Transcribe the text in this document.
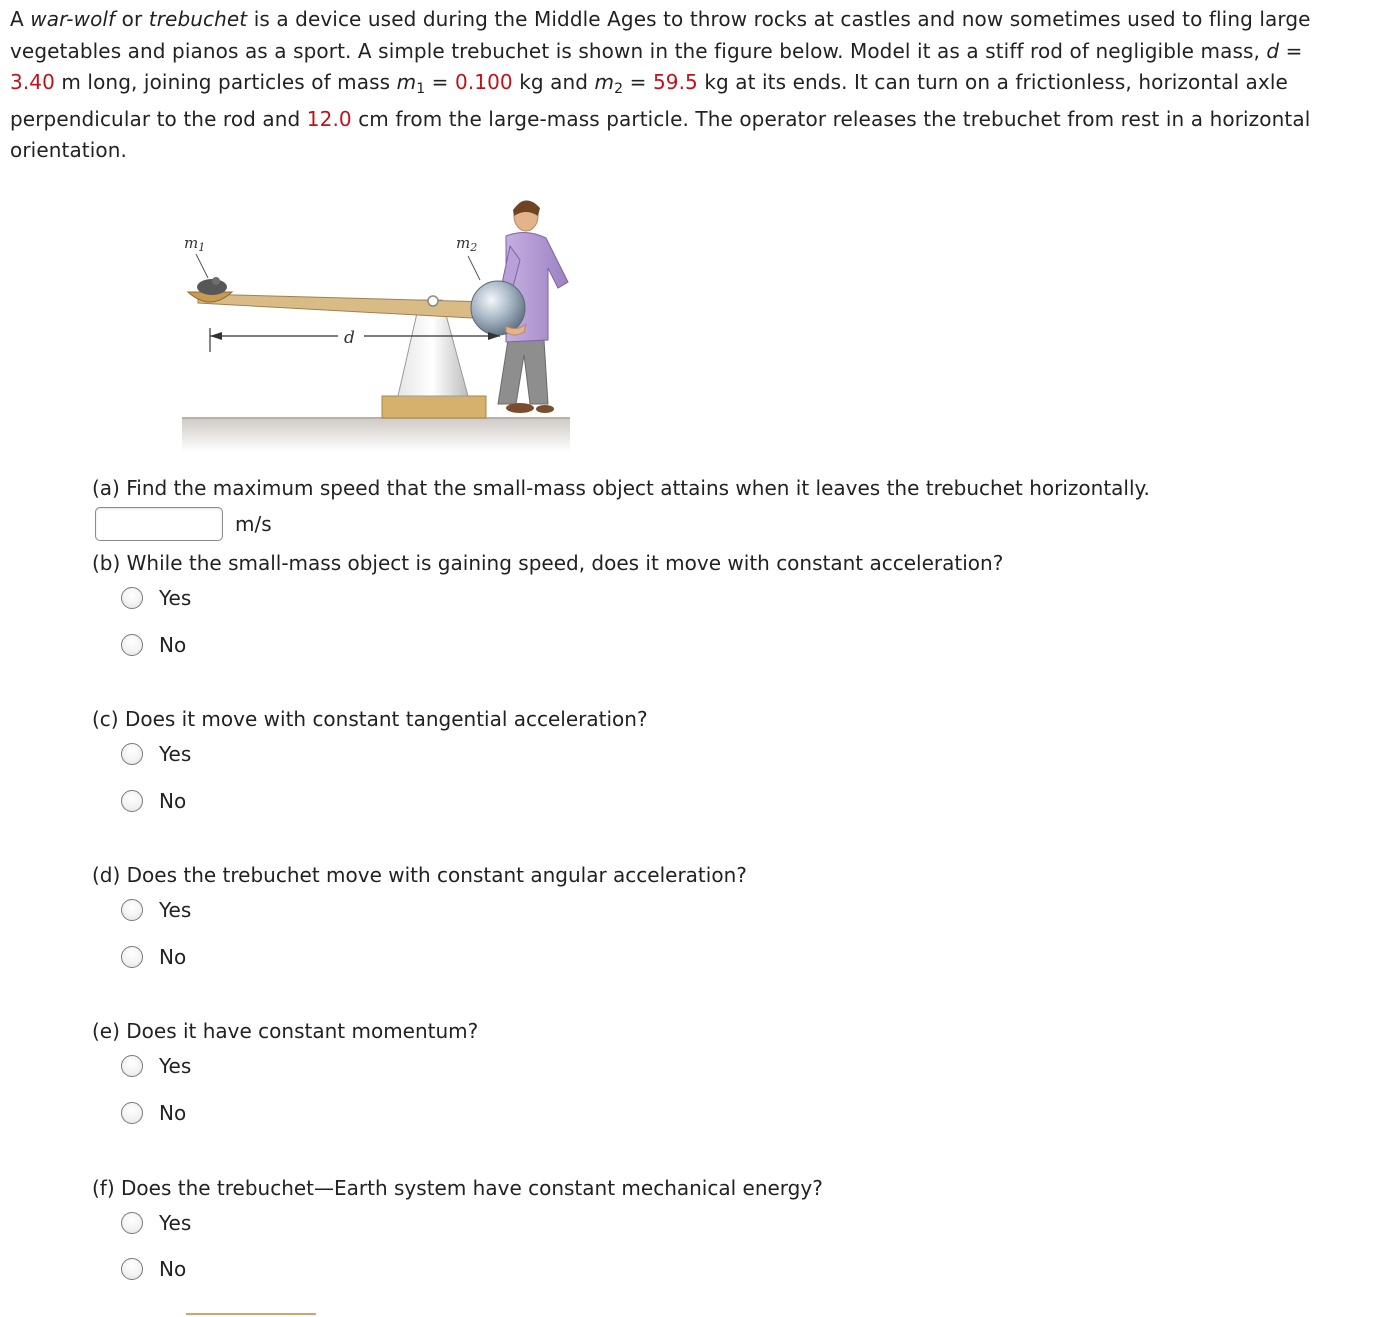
A war-wolf or trebuchet is a device used during the Middle Ages to throw rocks at castles and now sometimes used to fling large
vegetables and pianos as a sport. A simple trebuchet is shown in the figure below. Model it as a stiff rod of negligible mass, d =
3.40 m long, joining particles of mass $m_1 = 0.100$ kg and $m_2 = 59.5$ kg at its ends. It can turn on a frictionless, horizontal axle
perpendicular to the rod and 12.0 cm from the large-mass particle. The operator releases the trebuchet from rest in a horizontal
orientation.
$m_1$	$m_2$
d
(a) Find the maximum speed that the small-mass object attains when it leaves the trebuchet horizontally.
m/s
(b) While the small-mass object is gaining speed, does it move with constant acceleration?
Yes
No
(c) Does it move with constant tangential acceleration?
Yes
No
(d) Does the trebuchet move with constant angular acceleration?
Yes
No
(e) Does it have constant momentum?
Yes
No
(f) Does the trebuchet—Earth system have constant mechanical energy?
Yes
No
